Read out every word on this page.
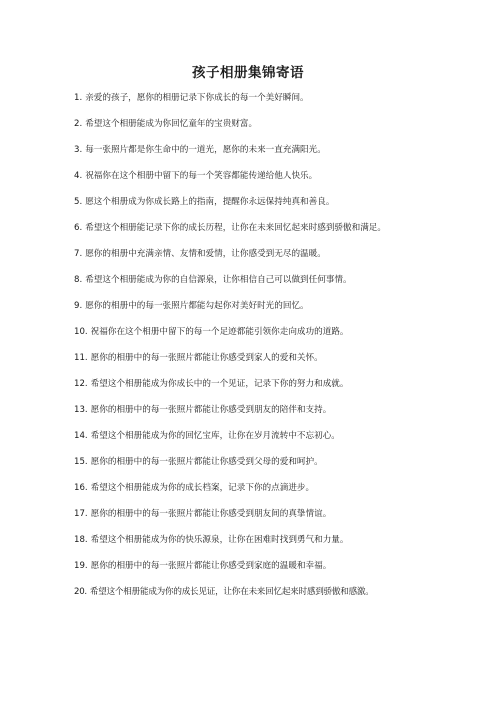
孩子相册集锦寄语
1. 亲爱的孩子，愿你的相册记录下你成长的每一个美好瞬间。
2. 希望这个相册能成为你回忆童年的宝贵财富。
3. 每一张照片都是你生命中的一道光，愿你的未来一直充满阳光。
4. 祝福你在这个相册中留下的每一个笑容都能传递给他人快乐。
5. 愿这个相册成为你成长路上的指南，提醒你永远保持纯真和善良。
6. 希望这个相册能记录下你的成长历程，让你在未来回忆起来时感到骄傲和满足。
7. 愿你的相册中充满亲情、友情和爱情，让你感受到无尽的温暖。
8. 希望这个相册能成为你的自信源泉，让你相信自己可以做到任何事情。
9. 愿你的相册中的每一张照片都能勾起你对美好时光的回忆。
10. 祝福你在这个相册中留下的每一个足迹都能引领你走向成功的道路。
11. 愿你的相册中的每一张照片都能让你感受到家人的爱和关怀。
12. 希望这个相册能成为你成长中的一个见证，记录下你的努力和成就。
13. 愿你的相册中的每一张照片都能让你感受到朋友的陪伴和支持。
14. 希望这个相册能成为你的回忆宝库，让你在岁月流转中不忘初心。
15. 愿你的相册中的每一张照片都能让你感受到父母的爱和呵护。
16. 希望这个相册能成为你的成长档案，记录下你的点滴进步。
17. 愿你的相册中的每一张照片都能让你感受到朋友间的真挚情谊。
18. 希望这个相册能成为你的快乐源泉，让你在困难时找到勇气和力量。
19. 愿你的相册中的每一张照片都能让你感受到家庭的温暖和幸福。
20. 希望这个相册能成为你的成长见证，让你在未来回忆起来时感到骄傲和感激。
